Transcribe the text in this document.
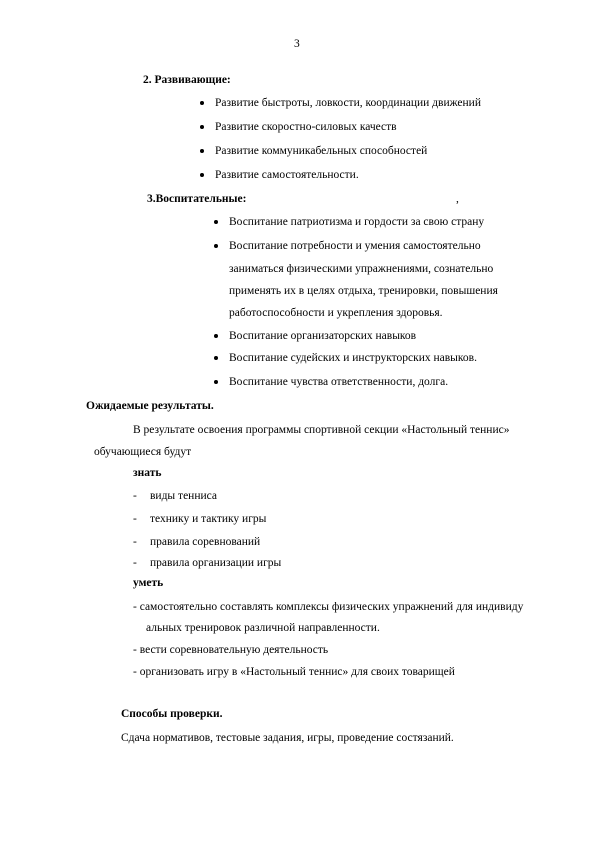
3
2. Развивающие:
Развитие быстроты, ловкости, координации движений
Развитие скоростно-силовых качеств
Развитие коммуникабельных способностей
Развитие самостоятельности.
3.Воспитательные:	,
Воспитание патриотизма и гордости за свою страну
Воспитание потребности и умения самостоятельно
заниматься физическими упражнениями, сознательно
применять их в целях отдыха, тренировки, повышения
работоспособности и укрепления здоровья.
Воспитание организаторских навыков
Воспитание судейских и инструкторских навыков.
Воспитание чувства ответственности, долга.
Ожидаемые результаты.
В результате освоения программы спортивной секции «Настольный теннис»
обучающиеся будут
знать
- виды тенниса
- технику и тактику игры
- правила соревнований
- правила организации игры
уметь
- самостоятельно составлять комплексы физических упражнений для индивиду
альных тренировок различной направленности.
- вести соревновательную деятельность
- организовать игру в «Настольный теннис» для своих товарищей
Способы проверки.
Сдача нормативов, тестовые задания, игры, проведение состязаний.
